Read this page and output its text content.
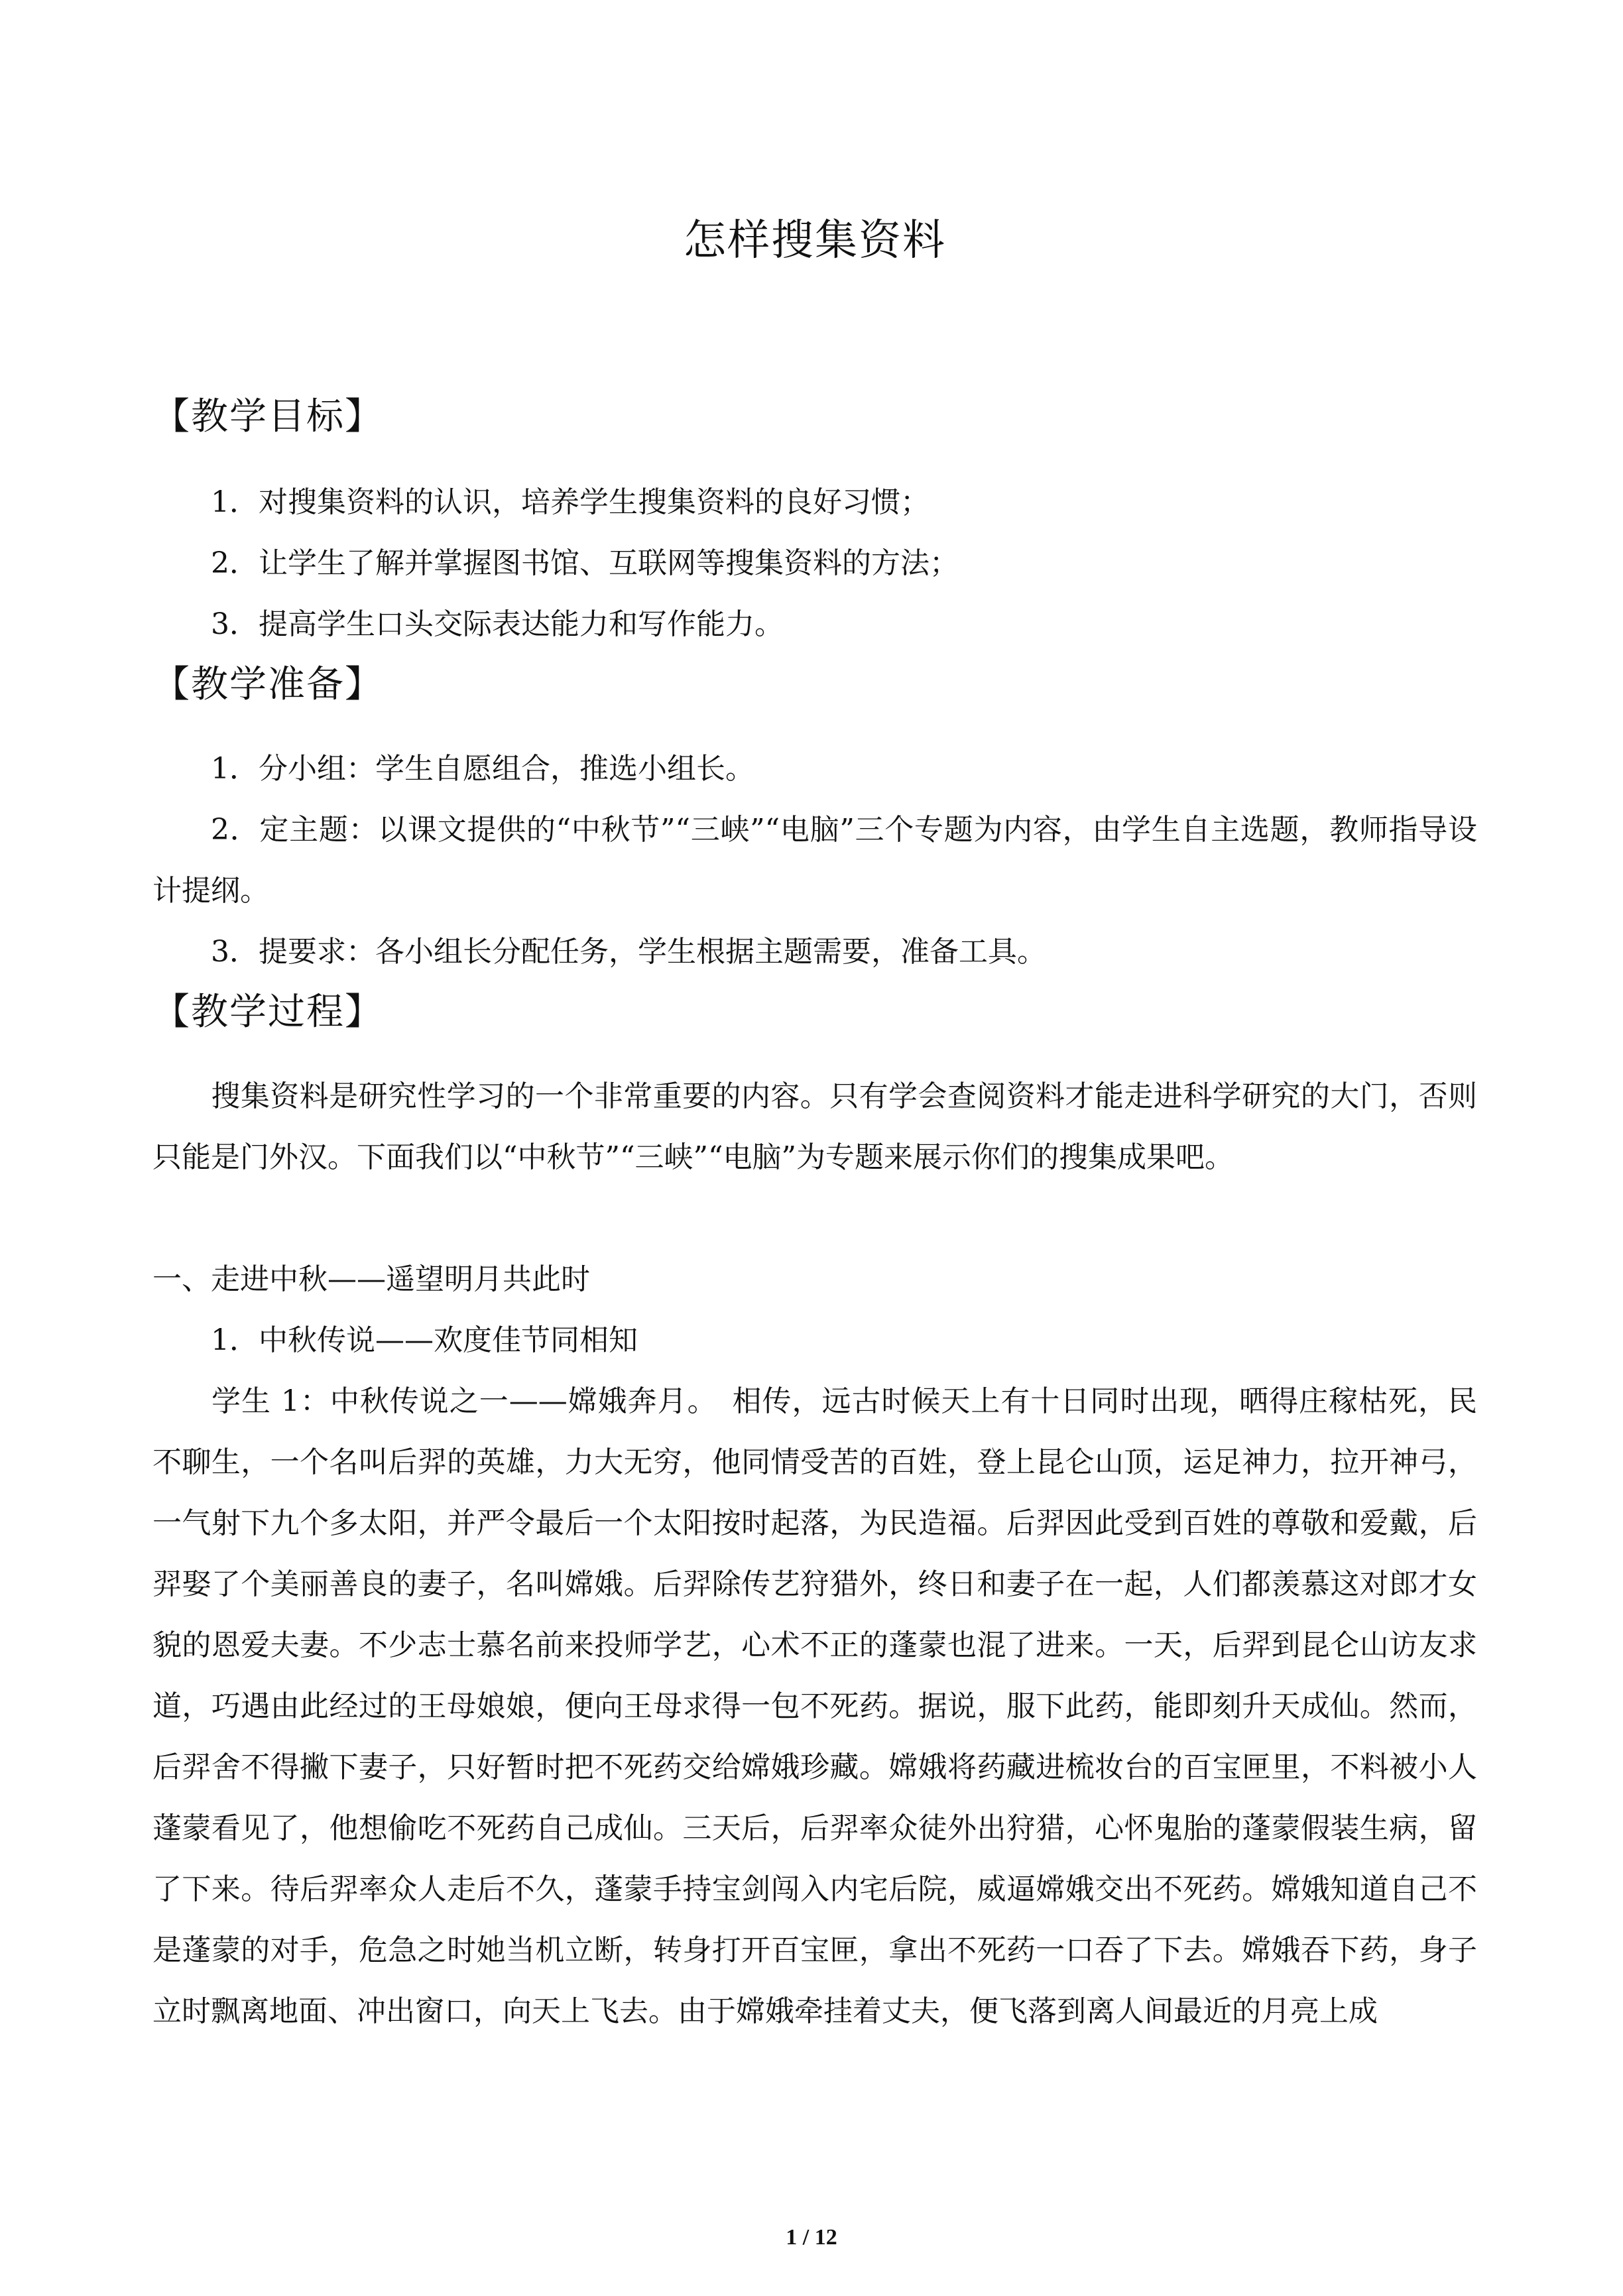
怎样搜集资料
【教学目标】
1．对搜集资料的认识，培养学生搜集资料的良好习惯；
2．让学生了解并掌握图书馆、互联网等搜集资料的方法；
3．提高学生口头交际表达能力和写作能力。
【教学准备】
1．分小组：学生自愿组合，推选小组长。
2．定主题：以课文提供的“中秋节”“三峡”“电脑”三个专题为内容，由学生自主选题，教师指导设计提纲。
3．提要求：各小组长分配任务，学生根据主题需要，准备工具。
【教学过程】
搜集资料是研究性学习的一个非常重要的内容。只有学会查阅资料才能走进科学研究的大门，否则只能是门外汉。下面我们以“中秋节”“三峡”“电脑”为专题来展示你们的搜集成果吧。
一、走进中秋——遥望明月共此时
1．中秋传说——欢度佳节同相知
学生 1：中秋传说之一——嫦娥奔月。　相传，远古时候天上有十日同时出现，晒得庄稼枯死，民不聊生，一个名叫后羿的英雄，力大无穷，他同情受苦的百姓，登上昆仑山顶，运足神力，拉开神弓，一气射下九个多太阳，并严令最后一个太阳按时起落，为民造福。后羿因此受到百姓的尊敬和爱戴，后羿娶了个美丽善良的妻子，名叫嫦娥。后羿除传艺狩猎外，终日和妻子在一起，人们都羡慕这对郎才女貌的恩爱夫妻。不少志士慕名前来投师学艺，心术不正的蓬蒙也混了进来。一天，后羿到昆仑山访友求道，巧遇由此经过的王母娘娘，便向王母求得一包不死药。据说，服下此药，能即刻升天成仙。然而，后羿舍不得撇下妻子，只好暂时把不死药交给嫦娥珍藏。嫦娥将药藏进梳妆台的百宝匣里，不料被小人蓬蒙看见了，他想偷吃不死药自己成仙。三天后，后羿率众徒外出狩猎，心怀鬼胎的蓬蒙假装生病，留了下来。待后羿率众人走后不久，蓬蒙手持宝剑闯入内宅后院，威逼嫦娥交出不死药。嫦娥知道自己不是蓬蒙的对手，危急之时她当机立断，转身打开百宝匣，拿出不死药一口吞了下去。嫦娥吞下药，身子立时飘离地面、冲出窗口，向天上飞去。由于嫦娥牵挂着丈夫，便飞落到离人间最近的月亮上成
1 / 12
